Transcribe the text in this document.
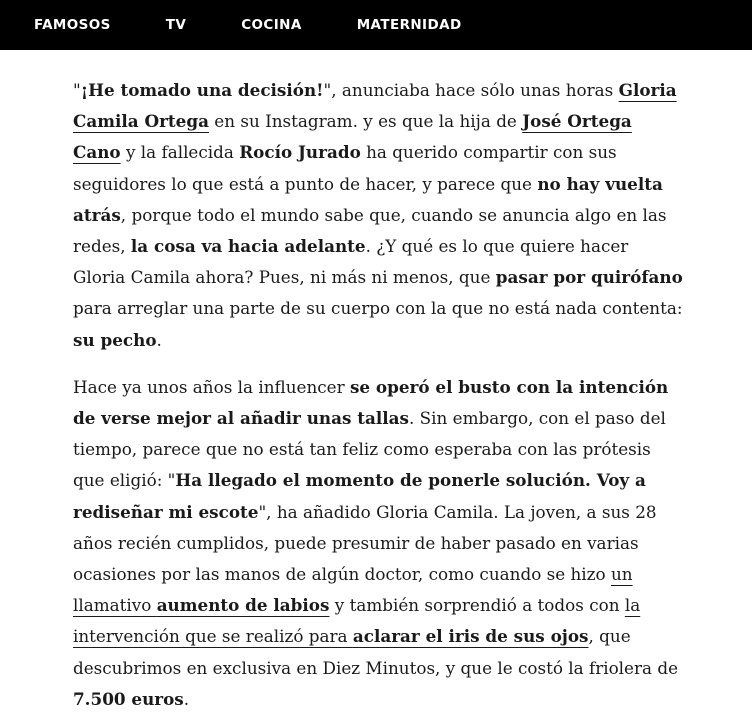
FAMOSOS	TV	COCINA	MATERNIDAD

"¡He tomado una decisión!", anunciaba hace sólo unas horas Gloria Camila Ortega en su Instagram. y es que la hija de José Ortega Cano y la fallecida Rocío Jurado ha querido compartir con sus seguidores lo que está a punto de hacer, y parece que no hay vuelta atrás, porque todo el mundo sabe que, cuando se anuncia algo en las redes, la cosa va hacia adelante. ¿Y qué es lo que quiere hacer Gloria Camila ahora? Pues, ni más ni menos, que pasar por quirófano para arreglar una parte de su cuerpo con la que no está nada contenta: su pecho.

Hace ya unos años la influencer se operó el busto con la intención de verse mejor al añadir unas tallas. Sin embargo, con el paso del tiempo, parece que no está tan feliz como esperaba con las prótesis que eligió: "Ha llegado el momento de ponerle solución. Voy a rediseñar mi escote", ha añadido Gloria Camila. La joven, a sus 28 años recién cumplidos, puede presumir de haber pasado en varias ocasiones por las manos de algún doctor, como cuando se hizo un llamativo aumento de labios y también sorprendió a todos con la intervención que se realizó para aclarar el iris de sus ojos, que descubrimos en exclusiva en Diez Minutos, y que le costó la friolera de 7.500 euros.
